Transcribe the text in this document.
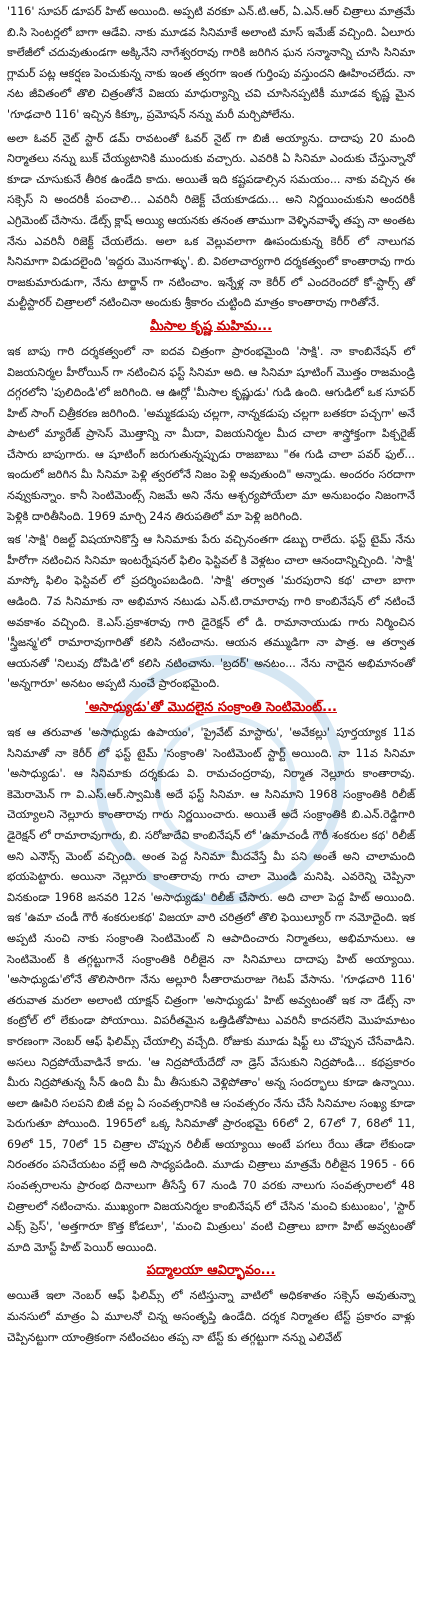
'116' సూపర్ డూపర్ హిట్ అయింది. అప్పటి వరకూ ఎన్.టి.ఆర్, ఏ.ఎన్.ఆర్ చిత్రాలు మాత్రమే బి.సి సెంటర్లలో బాగా ఆడేవి. నాకు మూడవ సినిమాకే అలాంటి మాస్ ఇమేజ్ వచ్చింది. ఏలూరు కాలేజీలో చదువుతుండగా అక్కినేని నాగేశ్వరరావు గారికి జరిగిన ఘన సన్మానాన్ని చూసి సినిమా గ్లామర్ పట్ల ఆకర్షణ పెంచుకున్న నాకు ఇంత త్వరగా ఇంత గుర్తింపు వస్తుందని ఊహించలేదు. నా నట జీవితంలో తొలి చిత్రంతోనే విజయ మాధుర్యాన్ని చవి చూసినప్పటికీ మూడవ కృష్ణ మైన 'గూఢచారి 116' ఇచ్చిన కిక్కూ, ప్రమోషన్ నన్ను మరీ మర్చిపోలేను.

అలా ఓవర్ నైట్ స్టార్ డమ్ రావటంతో ఓవర్ నైట్ గా బిజీ అయ్యాను. దాదాపు 20 మంది నిర్మాతలు నన్ను బుక్ చేయ్యటానికి ముందుకు వచ్చారు. ఎవరికి ఏ సినిమా ఎందుకు చేస్తున్నానో కూడా చూసుకునే తీరిక ఉండేది కాదు. అయితే ఇది కష్టపడాల్సిన సమయం... నాకు వచ్చిన ఈ సక్సెస్ ని అందరికీ పంచాలి... ఎవరినీ రిజెక్ట్ చేయకూడదు... అని నిర్ణయించుకుని అందరికీ ఎగ్రిమెంట్ చేసాను. డేట్స్ క్లాష్ అయ్యి ఆయనకు తనంత తాముగా వెళ్ళినవాళ్ళే తప్ప నా అంతట నేను ఎవరినీ రిజెక్ట్ చేయలేదు. అలా ఒక వెల్లువలాగా ఊపందుకున్న కెరీర్ లో నాలుగవ సినిమాగా విడుదలైంది 'ఇద్దరు మొనగాళ్ళు'. బి. విఠలాచార్యగారి దర్శకత్వంలో కాంతారావు గారు రాజకుమారుడుగా, నేను టార్జాన్ గా నటించాం. ఇన్నేళ్ల నా కెరీర్ లో ఎందరెందరో కో-స్టార్స్ తో మల్టీస్టారర్ చిత్రాలలో నటించినా అందుకు శ్రీకారం చుట్టింది మాత్రం కాంతారావు గారితోనే.

మీసాల కృష్ణ మహిమ...

ఇక బాపు గారి దర్శకత్వంలో నా ఐదవ చిత్రంగా ప్రారంభమైంది 'సాక్షి'. నా కాంబినేషన్ లో విజయనిర్మల హీరోయిన్ గా నటించిన ఫస్ట్ సినిమా అది. ఆ సినిమా షూటింగ్ మొత్తం రాజమండ్రి దగ్గరలోని 'పులిదిండి'లో జరిగింది. ఆ ఊర్లో 'మీసాల కృష్ణుడు' గుడి ఉంది. ఆగుడిలో ఒక సూపర్ హిట్ సాంగ్ చిత్రీకరణ జరిగింది. 'అమ్మకడుపు చల్లగా, నాన్నకడుపు చల్లగా బతకరా పచ్చగా' అనే పాటలో మ్యారేజ్ ప్రాసెస్ మొత్తాన్ని నా మీదా, విజయనిర్మల మీద చాలా శాస్త్రోక్తంగా పిక్చరైజ్ చేసారు బాపుగారు. ఆ షూటింగ్ జరుగుతున్నప్పుడు రాజబాబు "ఈ గుడి చాలా పవర్ ఫుల్... ఇందులో జరిగిన మీ సినిమా పెళ్లి త్వరలోనే నిజం పెళ్లి అవుతుంది" అన్నాడు. అందరం సరదాగా నవ్వుకున్నాం. కానీ సెంటిమెంట్స్ నిజమే అని నేను ఆశ్చర్యపోయేలా మా అనుబంధం నిజంగానే పెళ్లికి దారితీసింది. 1969 మార్చి 24న తిరుపతిలో మా పెళ్లి జరిగింది.

ఇక 'సాక్షి' రిజల్ట్ విషయానికొస్తే ఆ సినిమాకు పేరు వచ్చినంతగా డబ్బు రాలేదు. ఫస్ట్ టైమ్ నేను హీరోగా నటించిన సినిమా ఇంటర్నేషనల్ ఫిలిం ఫెస్టివల్ కి వెళ్లటం చాలా ఆనందాన్నిచ్చింది. 'సాక్షి' మాస్కో ఫిలిం ఫెస్టివల్ లో ప్రదర్శింపబడింది. 'సాక్షి' తర్వాత 'మరపురాని కథ' చాలా బాగా ఆడింది. 7వ సినిమాకు నా అభిమాన నటుడు ఎన్.టి.రామారావు గారి కాంబినేషన్ లో నటించే అవకాశం వచ్చింది. కె.ఎస్.ప్రకాశరావు గారి డైరెక్షన్ లో డి. రామానాయుడు గారు నిర్మించిన 'స్త్రీజన్మ'లో రామారావుగారితో కలిసి నటించాను. ఆయన తమ్ముడిగా నా పాత్ర. ఆ తర్వాత ఆయనతో 'నిలువు దోపిడి'లో కలిసి నటించాను. 'బ్రదర్' అనటం... నేను నాదైన అభిమానంతో 'అన్నగారూ' అనటం అప్పటి నుంచే ప్రారంభమైంది.

'అసాధ్యుడు'తో మొదలైన సంక్రాంతి సెంటిమెంట్...

ఇక ఆ తరువాత 'అసాధ్యుడు ఉపాయం', 'ప్రైవేట్ మాస్టారు', 'అవేకల్లు' పూర్తయ్యాక 11వ సినిమాతో నా కెరీర్ లో ఫస్ట్ టైమ్ 'సంక్రాంతి' సెంటిమెంట్ స్టార్ట్ అయింది. నా 11వ సినిమా 'అసాధ్యుడు'. ఆ సినిమాకు దర్శకుడు వి. రామచంద్రరావు, నిర్మాత నెల్లూరు కాంతారావు. కెమెరామెన్ గా వి.ఎస్.ఆర్.స్వామికి అదే ఫస్ట్ సినిమా. ఆ సినిమాని 1968 సంక్రాంతికి రిలీజ్ చెయ్యాలని నెల్లూరు కాంతారావు గారు నిర్ణయించారు. అయితే అదే సంక్రాంతికి బి.ఎన్.రెడ్డిగారి డైరెక్షన్ లో రామారావుగారు, బి. సరోజాదేవి కాంబినేషన్ లో 'ఉమాచండీ గౌరీ శంకరుల కథ' రిలీజ్ అని ఎనౌన్స్ మెంట్ వచ్చింది. అంత పెద్ద సినిమా మీదవేస్తే మీ పని అంతే అని చాలామంది భయపెట్టారు. అయినా నెల్లూరు కాంతారావు గారు చాలా మొండి మనిషి. ఎవరెన్ని చెప్పినా వినకుండా 1968 జనవరి 12న 'అసాధ్యుడు' రిలీజ్ చేసారు. అది చాలా పెద్ద హిట్ అయింది. ఇక 'ఉమా చండీ గౌరీ శంకరులకథ' విజయా వారి చరిత్రలో తొలి ఫెయిల్యూర్ గా నమోదైంది. ఇక అప్పటి నుంచి నాకు సంక్రాంతి సెంటిమెంట్ ని ఆపాదించారు నిర్మాతలు, అభిమానులు. ఆ సెంటిమెంట్ కి తగ్గట్టుగానే సంక్రాంతికి రిలీజైన నా సినిమాలు దాదాపు హిట్ అయ్యాయి. 'అసాధ్యుడు'లోనే తొలిసారిగా నేను అల్లూరి సీతారామరాజు గెటప్ వేసాను. 'గూఢచారి 116' తరువాత మరలా అలాంటి యాక్షన్ చిత్రంగా 'అసాధ్యుడు' హిట్ అవ్వటంతో ఇక నా డేట్స్ నా కంట్రోల్ లో లేకుండా పోయాయి. విపరీతమైన ఒత్తిడితోపాటు ఎవరినీ కాదనలేని మొహమాటం కారణంగా నెంబర్ ఆఫ్ ఫిలిమ్స్ చేయాల్సి వచ్చేది. రోజుకు మూడు షిఫ్ట్ లు చొప్పున చేసేవాడిని. అసలు నిద్రపోయేవాడినే కాదు. 'ఆ నిద్రపోయేదేదో నా డ్రెస్ వేసుకుని నిద్రపోండి... కథప్రకారం మీరు నిద్రపోతున్న సీన్ ఉంది మీ మీ తీసుకుని వెళ్లిపోతాం' అన్న సందర్భాలు కూడా ఉన్నాయి. అలా ఊపిరి సలపని బిజీ వల్ల ఏ సంవత్సరానికి ఆ సంవత్సరం నేను చేసే సినిమాల సంఖ్య కూడా పెరుగుతూ పోయింది. 1965లో ఒక్క సినిమాతో ప్రారంభమై 66లో 2, 67లో 7, 68లో 11, 69లో 15, 70లో 15 చిత్రాల చొప్పున రిలీజ్ అయ్యాయి అంటే పగలు రేయి తేడా లేకుండా నిరంతరం పనిచేయటం వల్లే అది సాధ్యపడింది. మూడు చిత్రాలు మాత్రమే రిలీజైన 1965 - 66 సంవత్సరాలను ప్రారంభ దినాలుగా తీసేస్తే 67 నుండి 70 వరకు నాలుగు సంవత్సరాలలో 48 చిత్రాలలో నటించాను. ముఖ్యంగా విజయనిర్మల కాంబినేషన్ లో చేసిన 'మంచి కుటుంబం', 'స్టార్ ఎక్స్ ప్రెస్', 'అత్తగారూ కొత్త కోడలూ', 'మంచి మిత్రులు' వంటి చిత్రాలు బాగా హిట్ అవ్వటంతో మాది మోస్ట్ హిట్ పెయిర్ అయింది.

పద్మాలయా ఆవిర్భావం...

అయితే ఇలా నెంబర్ ఆఫ్ ఫిలిమ్స్ లో నటిస్తున్నా వాటిలో అధికశాతం సక్సెస్ అవుతున్నా మనసులో మాత్రం ఏ మూలనో చిన్న అసంతృప్తి ఉండేది. దర్శక నిర్మాతల టేస్ట్ ప్రకారం వాళ్లు చెప్పినట్టుగా యాంత్రికంగా నటించటం తప్ప నా టేస్ట్ కు తగ్గట్టుగా నన్ను ఎలివేట్
